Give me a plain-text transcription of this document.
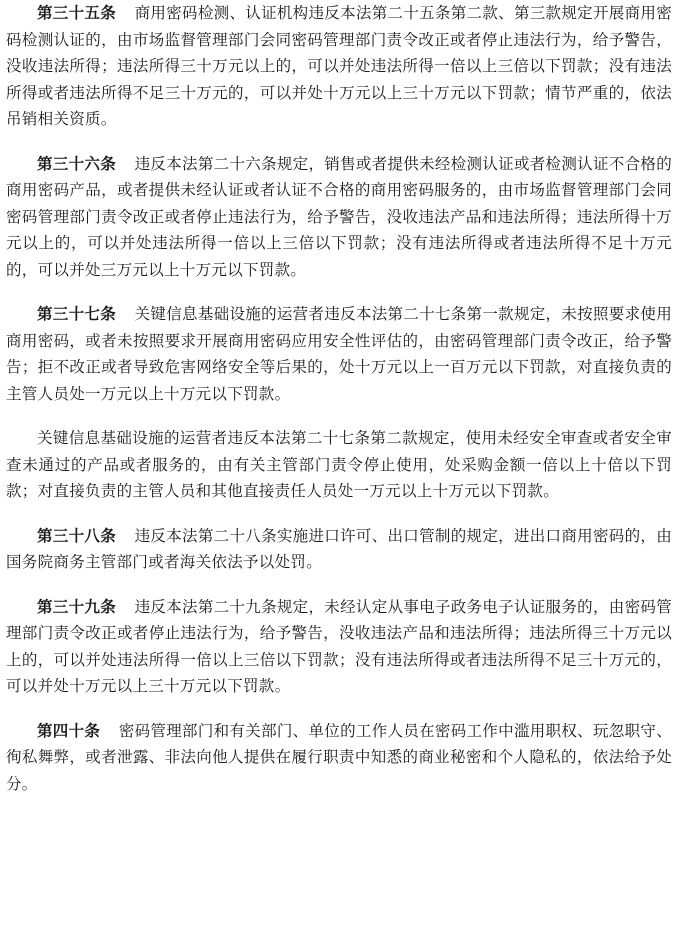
第三十五条 商用密码检测、认证机构违反本法第二十五条第二款、第三款规定开展商用密码检测认证的，由市场监督管理部门会同密码管理部门责令改正或者停止违法行为，给予警告，没收违法所得；违法所得三十万元以上的，可以并处违法所得一倍以上三倍以下罚款；没有违法所得或者违法所得不足三十万元的，可以并处十万元以上三十万元以下罚款；情节严重的，依法吊销相关资质。

第三十六条 违反本法第二十六条规定，销售或者提供未经检测认证或者检测认证不合格的商用密码产品，或者提供未经认证或者认证不合格的商用密码服务的，由市场监督管理部门会同密码管理部门责令改正或者停止违法行为，给予警告，没收违法产品和违法所得；违法所得十万元以上的，可以并处违法所得一倍以上三倍以下罚款；没有违法所得或者违法所得不足十万元的，可以并处三万元以上十万元以下罚款。

第三十七条 关键信息基础设施的运营者违反本法第二十七条第一款规定，未按照要求使用商用密码，或者未按照要求开展商用密码应用安全性评估的，由密码管理部门责令改正，给予警告；拒不改正或者导致危害网络安全等后果的，处十万元以上一百万元以下罚款，对直接负责的主管人员处一万元以上十万元以下罚款。

关键信息基础设施的运营者违反本法第二十七条第二款规定，使用未经安全审查或者安全审查未通过的产品或者服务的，由有关主管部门责令停止使用，处采购金额一倍以上十倍以下罚款；对直接负责的主管人员和其他直接责任人员处一万元以上十万元以下罚款。

第三十八条 违反本法第二十八条实施进口许可、出口管制的规定，进出口商用密码的，由国务院商务主管部门或者海关依法予以处罚。

第三十九条 违反本法第二十九条规定，未经认定从事电子政务电子认证服务的，由密码管理部门责令改正或者停止违法行为，给予警告，没收违法产品和违法所得；违法所得三十万元以上的，可以并处违法所得一倍以上三倍以下罚款；没有违法所得或者违法所得不足三十万元的，可以并处十万元以上三十万元以下罚款。

第四十条 密码管理部门和有关部门、单位的工作人员在密码工作中滥用职权、玩忽职守、徇私舞弊，或者泄露、非法向他人提供在履行职责中知悉的商业秘密和个人隐私的，依法给予处分。
